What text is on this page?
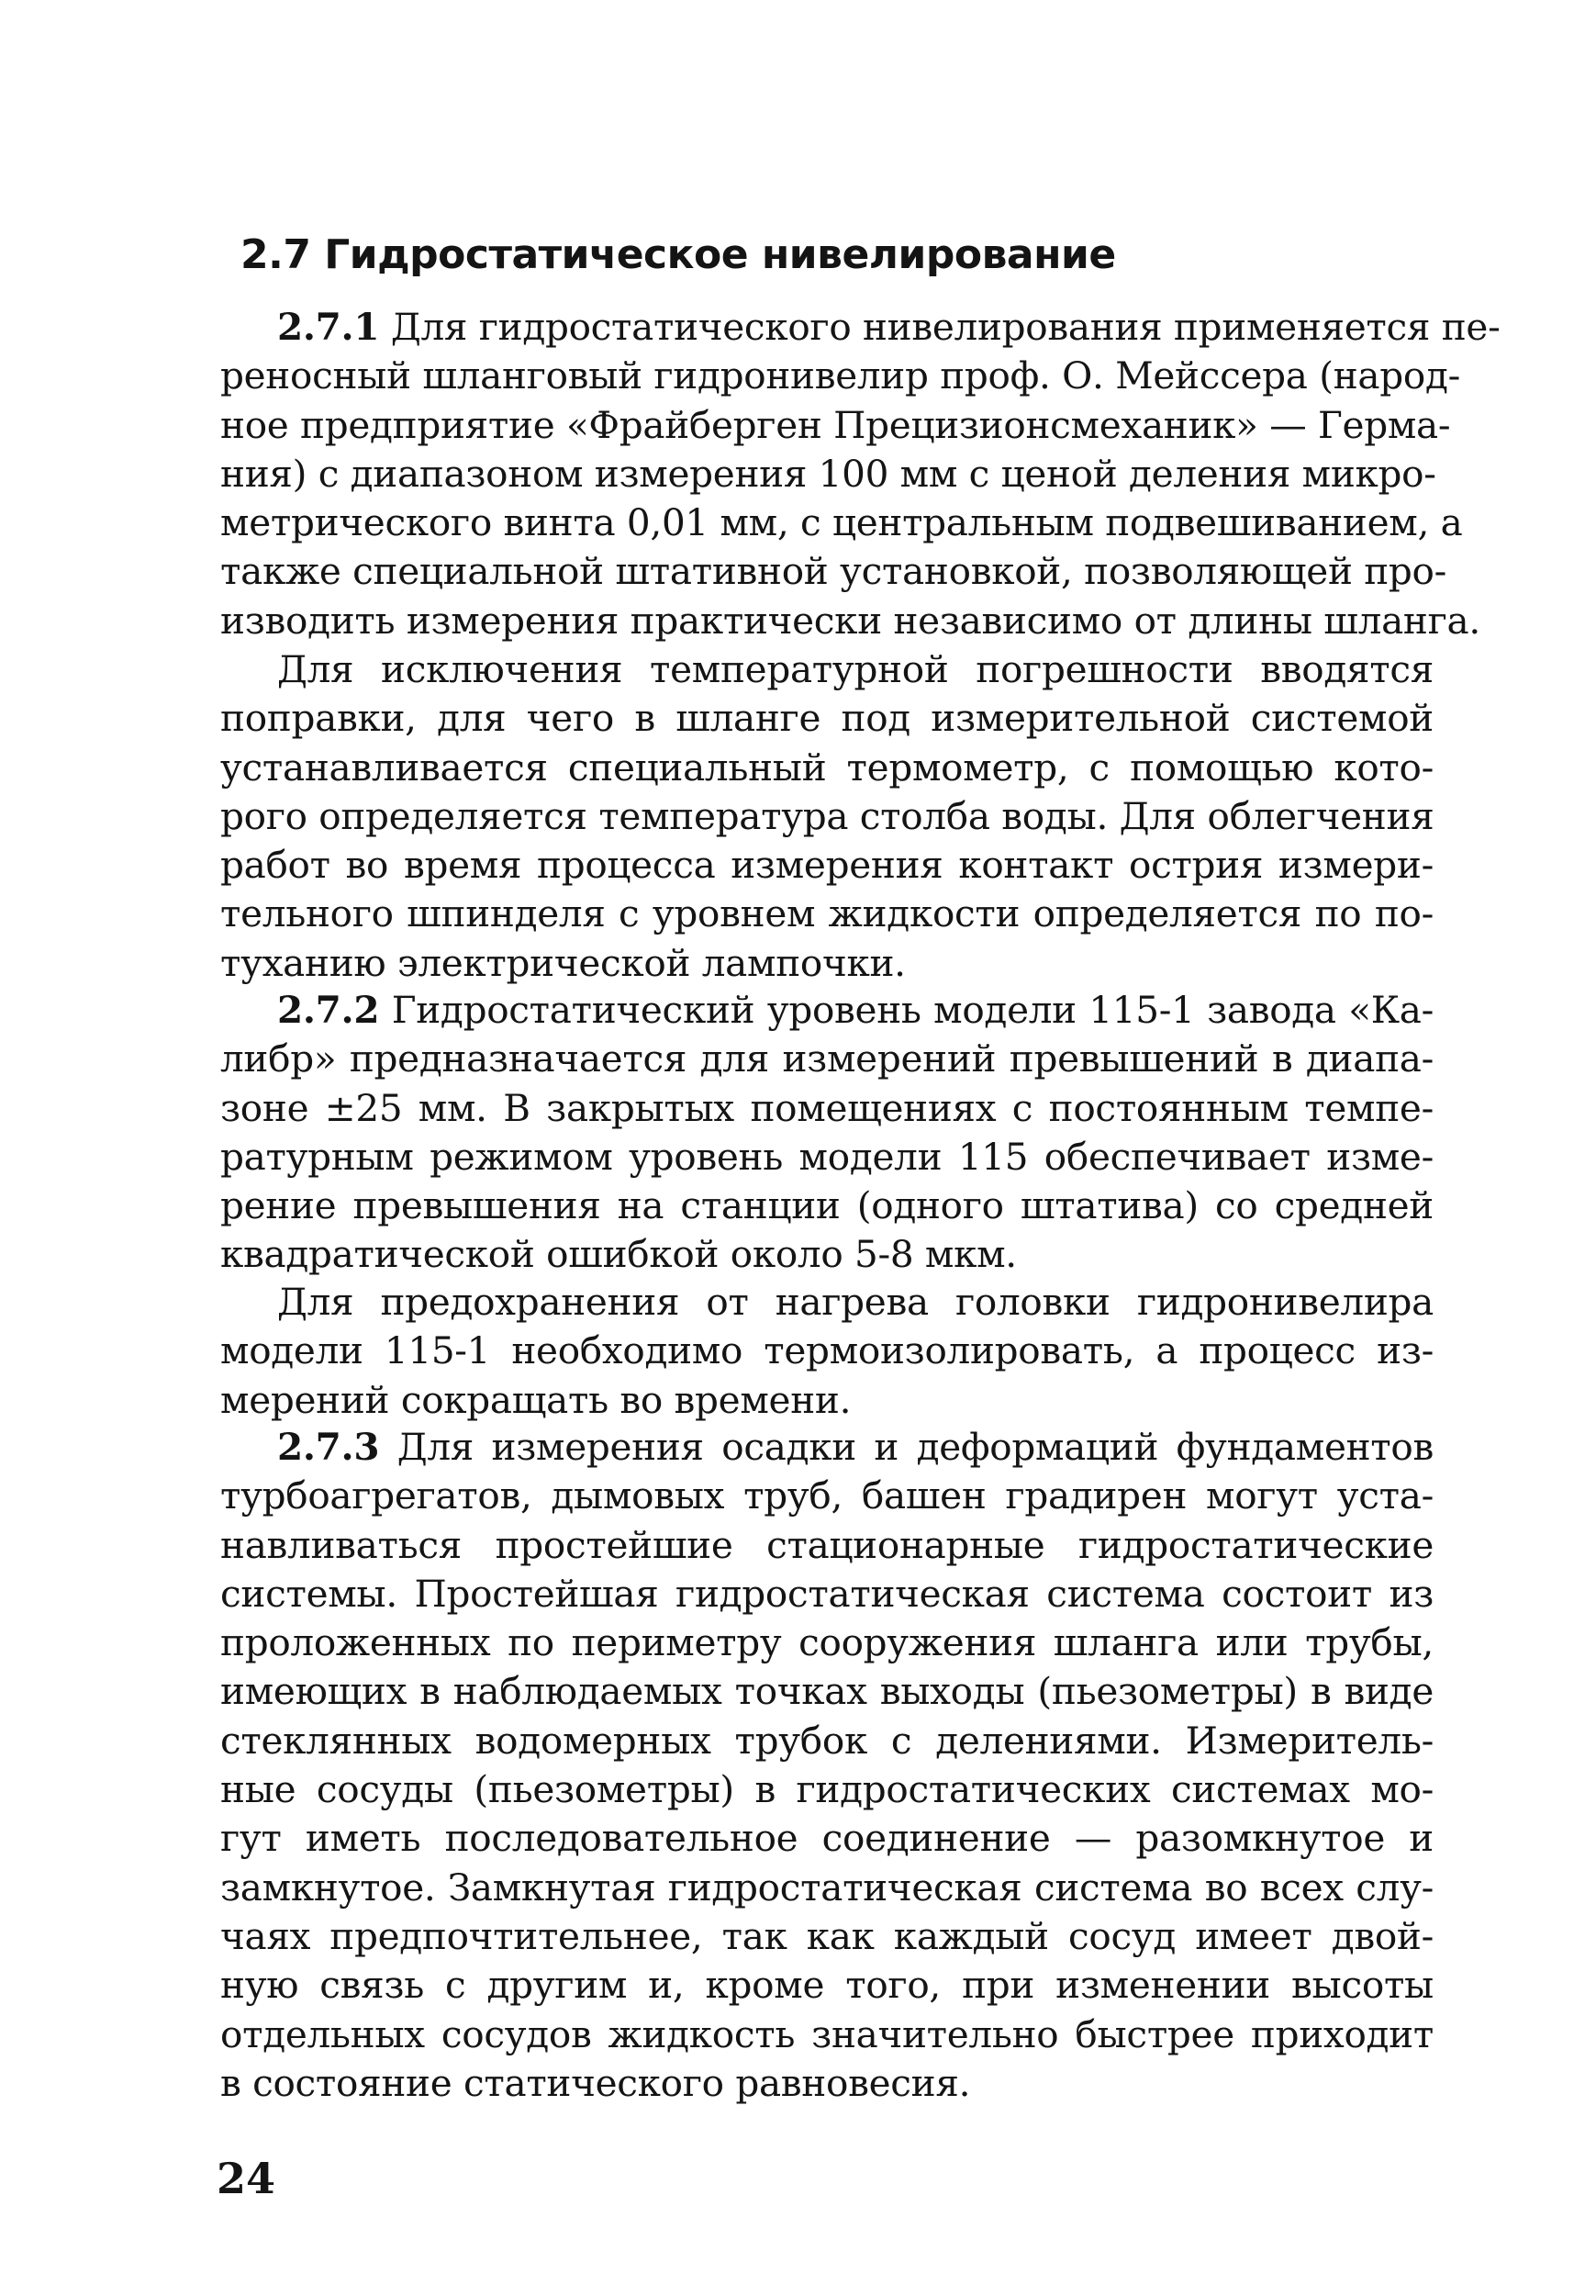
2.7 Гидростатическое нивелирование
2.7.1 Для гидростатического нивелирования применяется пе-
реносный шланговый гидронивелир проф. О. Мейссера (народ-
ное предприятие «Фрайберген Прецизионсмеханик» — Герма-
ния) с диапазоном измерения 100 мм с ценой деления микро-
метрического винта 0,01 мм, с центральным подвешиванием, а
также специальной штативной установкой, позволяющей про-
изводить измерения практически независимо от длины шланга.
Для исключения температурной погрешности вводятся
поправки, для чего в шланге под измерительной системой
устанавливается специальный термометр, с помощью кото-
рого определяется температура столба воды. Для облегчения
работ во время процесса измерения контакт острия измери-
тельного шпинделя с уровнем жидкости определяется по по-
туханию электрической лампочки.
2.7.2 Гидростатический уровень модели 115-1 завода «Ка-
либр» предназначается для измерений превышений в диапа-
зоне ±25 мм. В закрытых помещениях с постоянным темпе-
ратурным режимом уровень модели 115 обеспечивает изме-
рение превышения на станции (одного штатива) со средней
квадратической ошибкой около 5-8 мкм.
Для предохранения от нагрева головки гидронивелира
модели 115-1 необходимо термоизолировать, а процесс из-
мерений сокращать во времени.
2.7.3 Для измерения осадки и деформаций фундаментов
турбоагрегатов, дымовых труб, башен градирен могут уста-
навливаться простейшие стационарные гидростатические
системы. Простейшая гидростатическая система состоит из
проложенных по периметру сооружения шланга или трубы,
имеющих в наблюдаемых точках выходы (пьезометры) в виде
стеклянных водомерных трубок с делениями. Измеритель-
ные сосуды (пьезометры) в гидростатических системах мо-
гут иметь последовательное соединение — разомкнутое и
замкнутое. Замкнутая гидростатическая система во всех слу-
чаях предпочтительнее, так как каждый сосуд имеет двой-
ную связь с другим и, кроме того, при изменении высоты
отдельных сосудов жидкость значительно быстрее приходит
в состояние статического равновесия.
24
